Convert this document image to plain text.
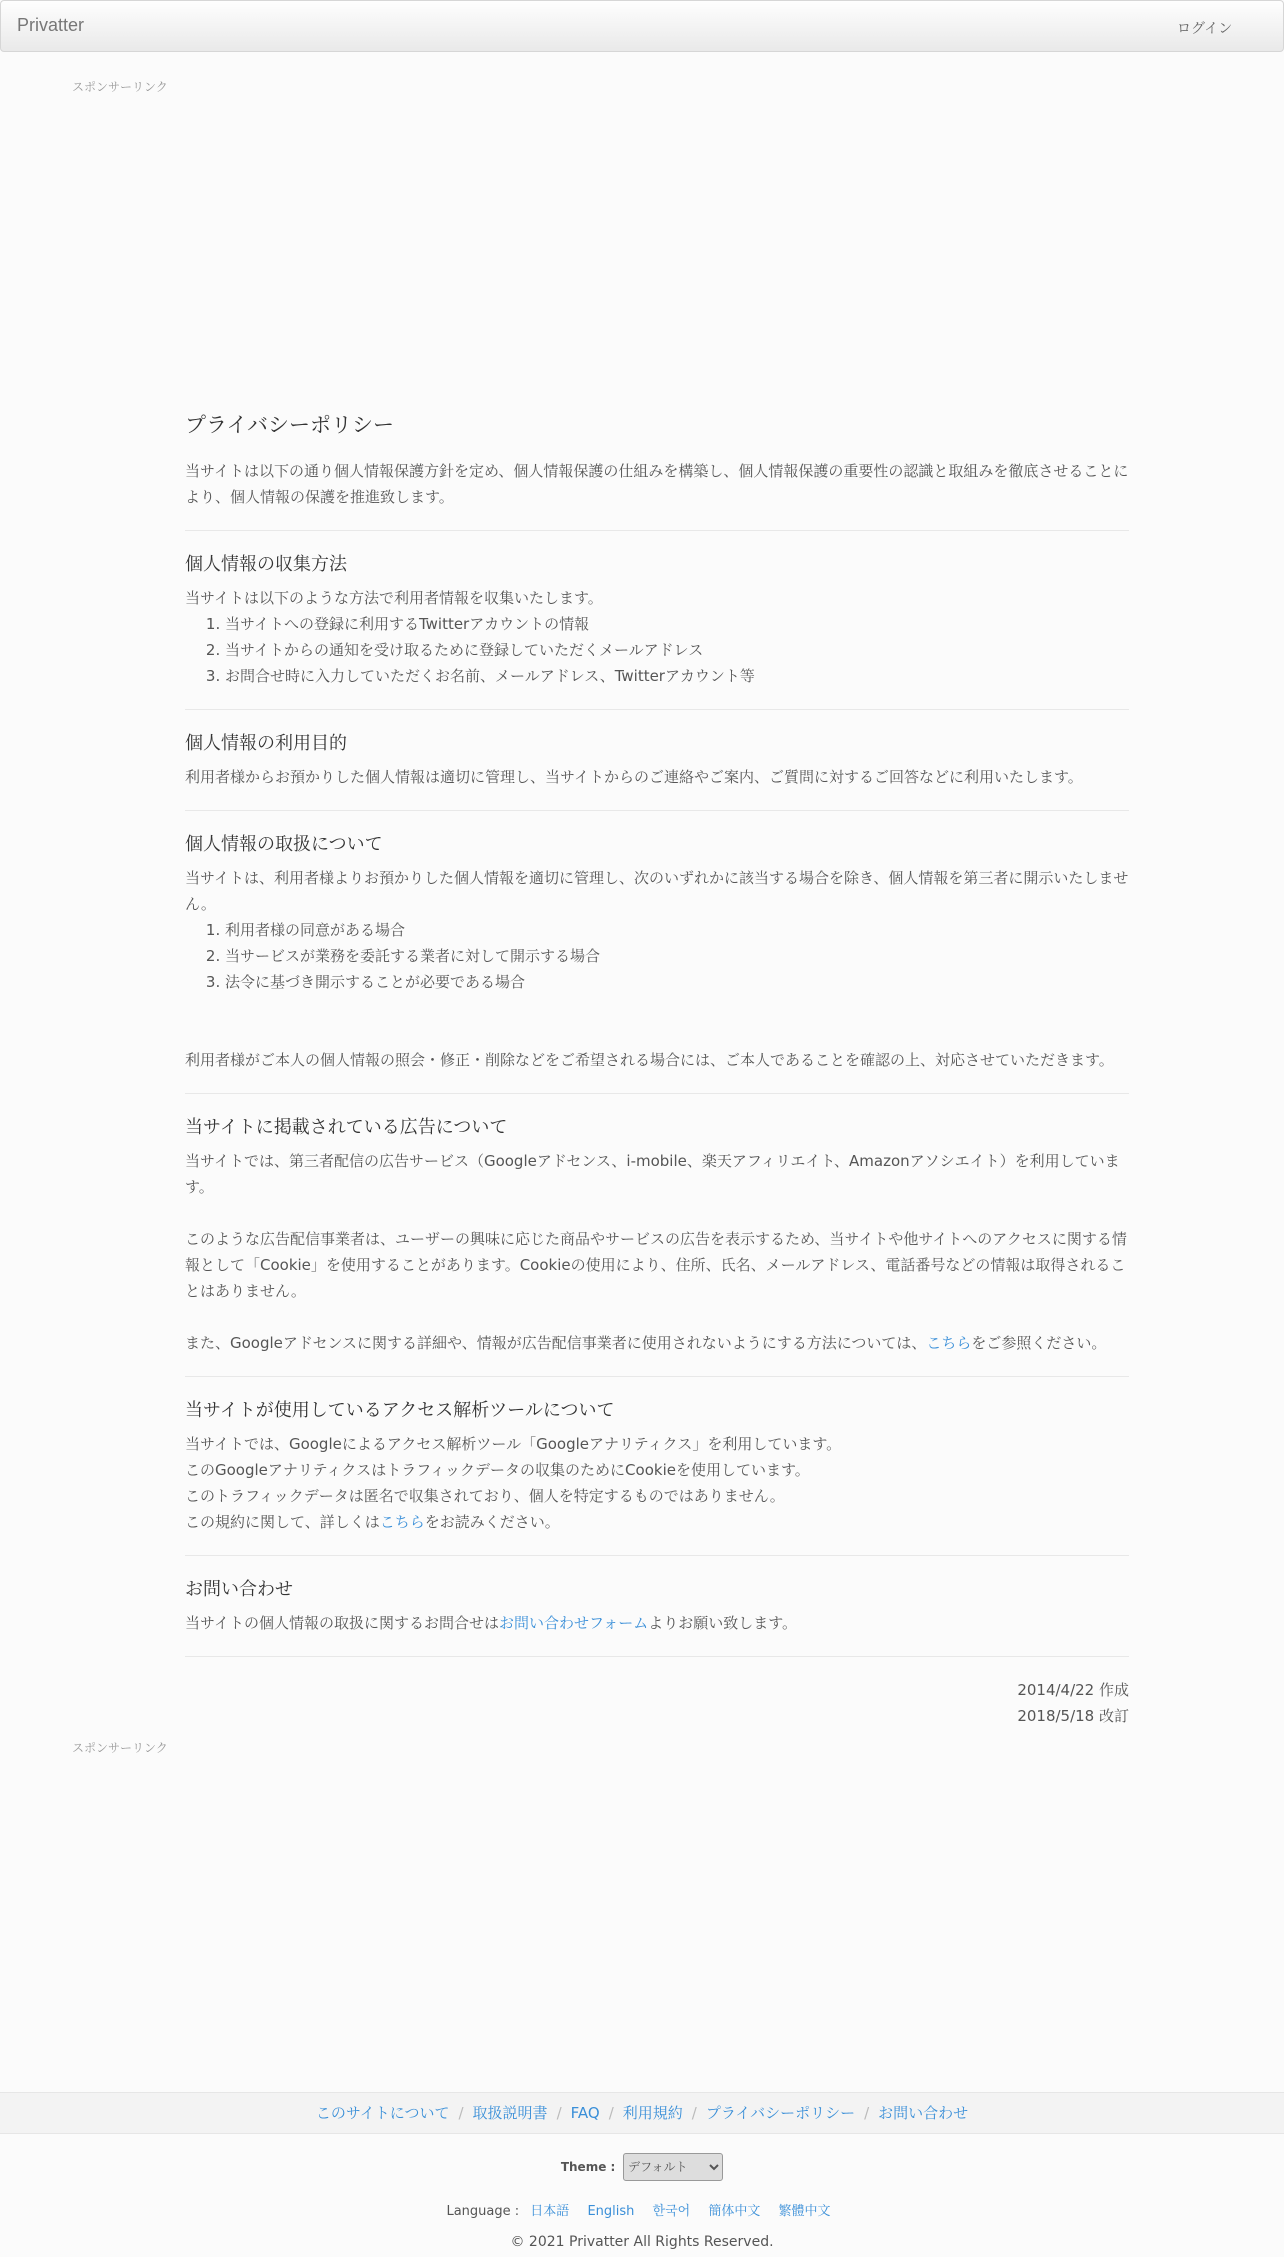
Privatter	ログイン
スポンサーリンク
プライバシーポリシー

当サイトは以下の通り個人情報保護方針を定め、個人情報保護の仕組みを構築し、個人情報保護の重要性の認識と取組みを徹底させることにより、個人情報の保護を推進致します。

個人情報の収集方法

当サイトは以下のような方法で利用者情報を収集いたします。

1. 当サイトへの登録に利用するTwitterアカウントの情報
2. 当サイトからの通知を受け取るために登録していただくメールアドレス
3. お問合せ時に入力していただくお名前、メールアドレス、Twitterアカウント等
個人情報の利用目的

利用者様からお預かりした個人情報は適切に管理し、当サイトからのご連絡やご案内、ご質問に対するご回答などに利用いたします。

個人情報の取扱について

当サイトは、利用者様よりお預かりした個人情報を適切に管理し、次のいずれかに該当する場合を除き、個人情報を第三者に開示いたしません。

1. 利用者様の同意がある場合
2. 当サービスが業務を委託する業者に対して開示する場合
3. 法令に基づき開示することが必要である場合

利用者様がご本人の個人情報の照会・修正・削除などをご希望される場合には、ご本人であることを確認の上、対応させていただきます。

当サイトに掲載されている広告について

当サイトでは、第三者配信の広告サービス（Googleアドセンス、i-mobile、楽天アフィリエイト、Amazonアソシエイト）を利用しています。

このような広告配信事業者は、ユーザーの興味に応じた商品やサービスの広告を表示するため、当サイトや他サイトへのアクセスに関する情報として「Cookie」を使用することがあります。Cookieの使用により、住所、氏名、メールアドレス、電話番号などの情報は取得されることはありません。

また、Googleアドセンスに関する詳細や、情報が広告配信事業者に使用されないようにする方法については、こちらをご参照ください。

当サイトが使用しているアクセス解析ツールについて

当サイトでは、Googleによるアクセス解析ツール「Googleアナリティクス」を利用しています。

このGoogleアナリティクスはトラフィックデータの収集のためにCookieを使用しています。

このトラフィックデータは匿名で収集されており、個人を特定するものではありません。

この規約に関して、詳しくはこちらをお読みください。

お問い合わせ

当サイトの個人情報の取扱に関するお問合せはお問い合わせフォームよりお願い致します。

2014/4/22 作成
2018/5/18 改訂
スポンサーリンク
このサイトについて / 取扱説明書 / FAQ / 利用規約 / プライバシーポリシー / お問い合わせ
Theme :
デフォルト
Language : 日本語 English 한국어 簡体中文 繁體中文
© 2021 Privatter All Rights Reserved.
